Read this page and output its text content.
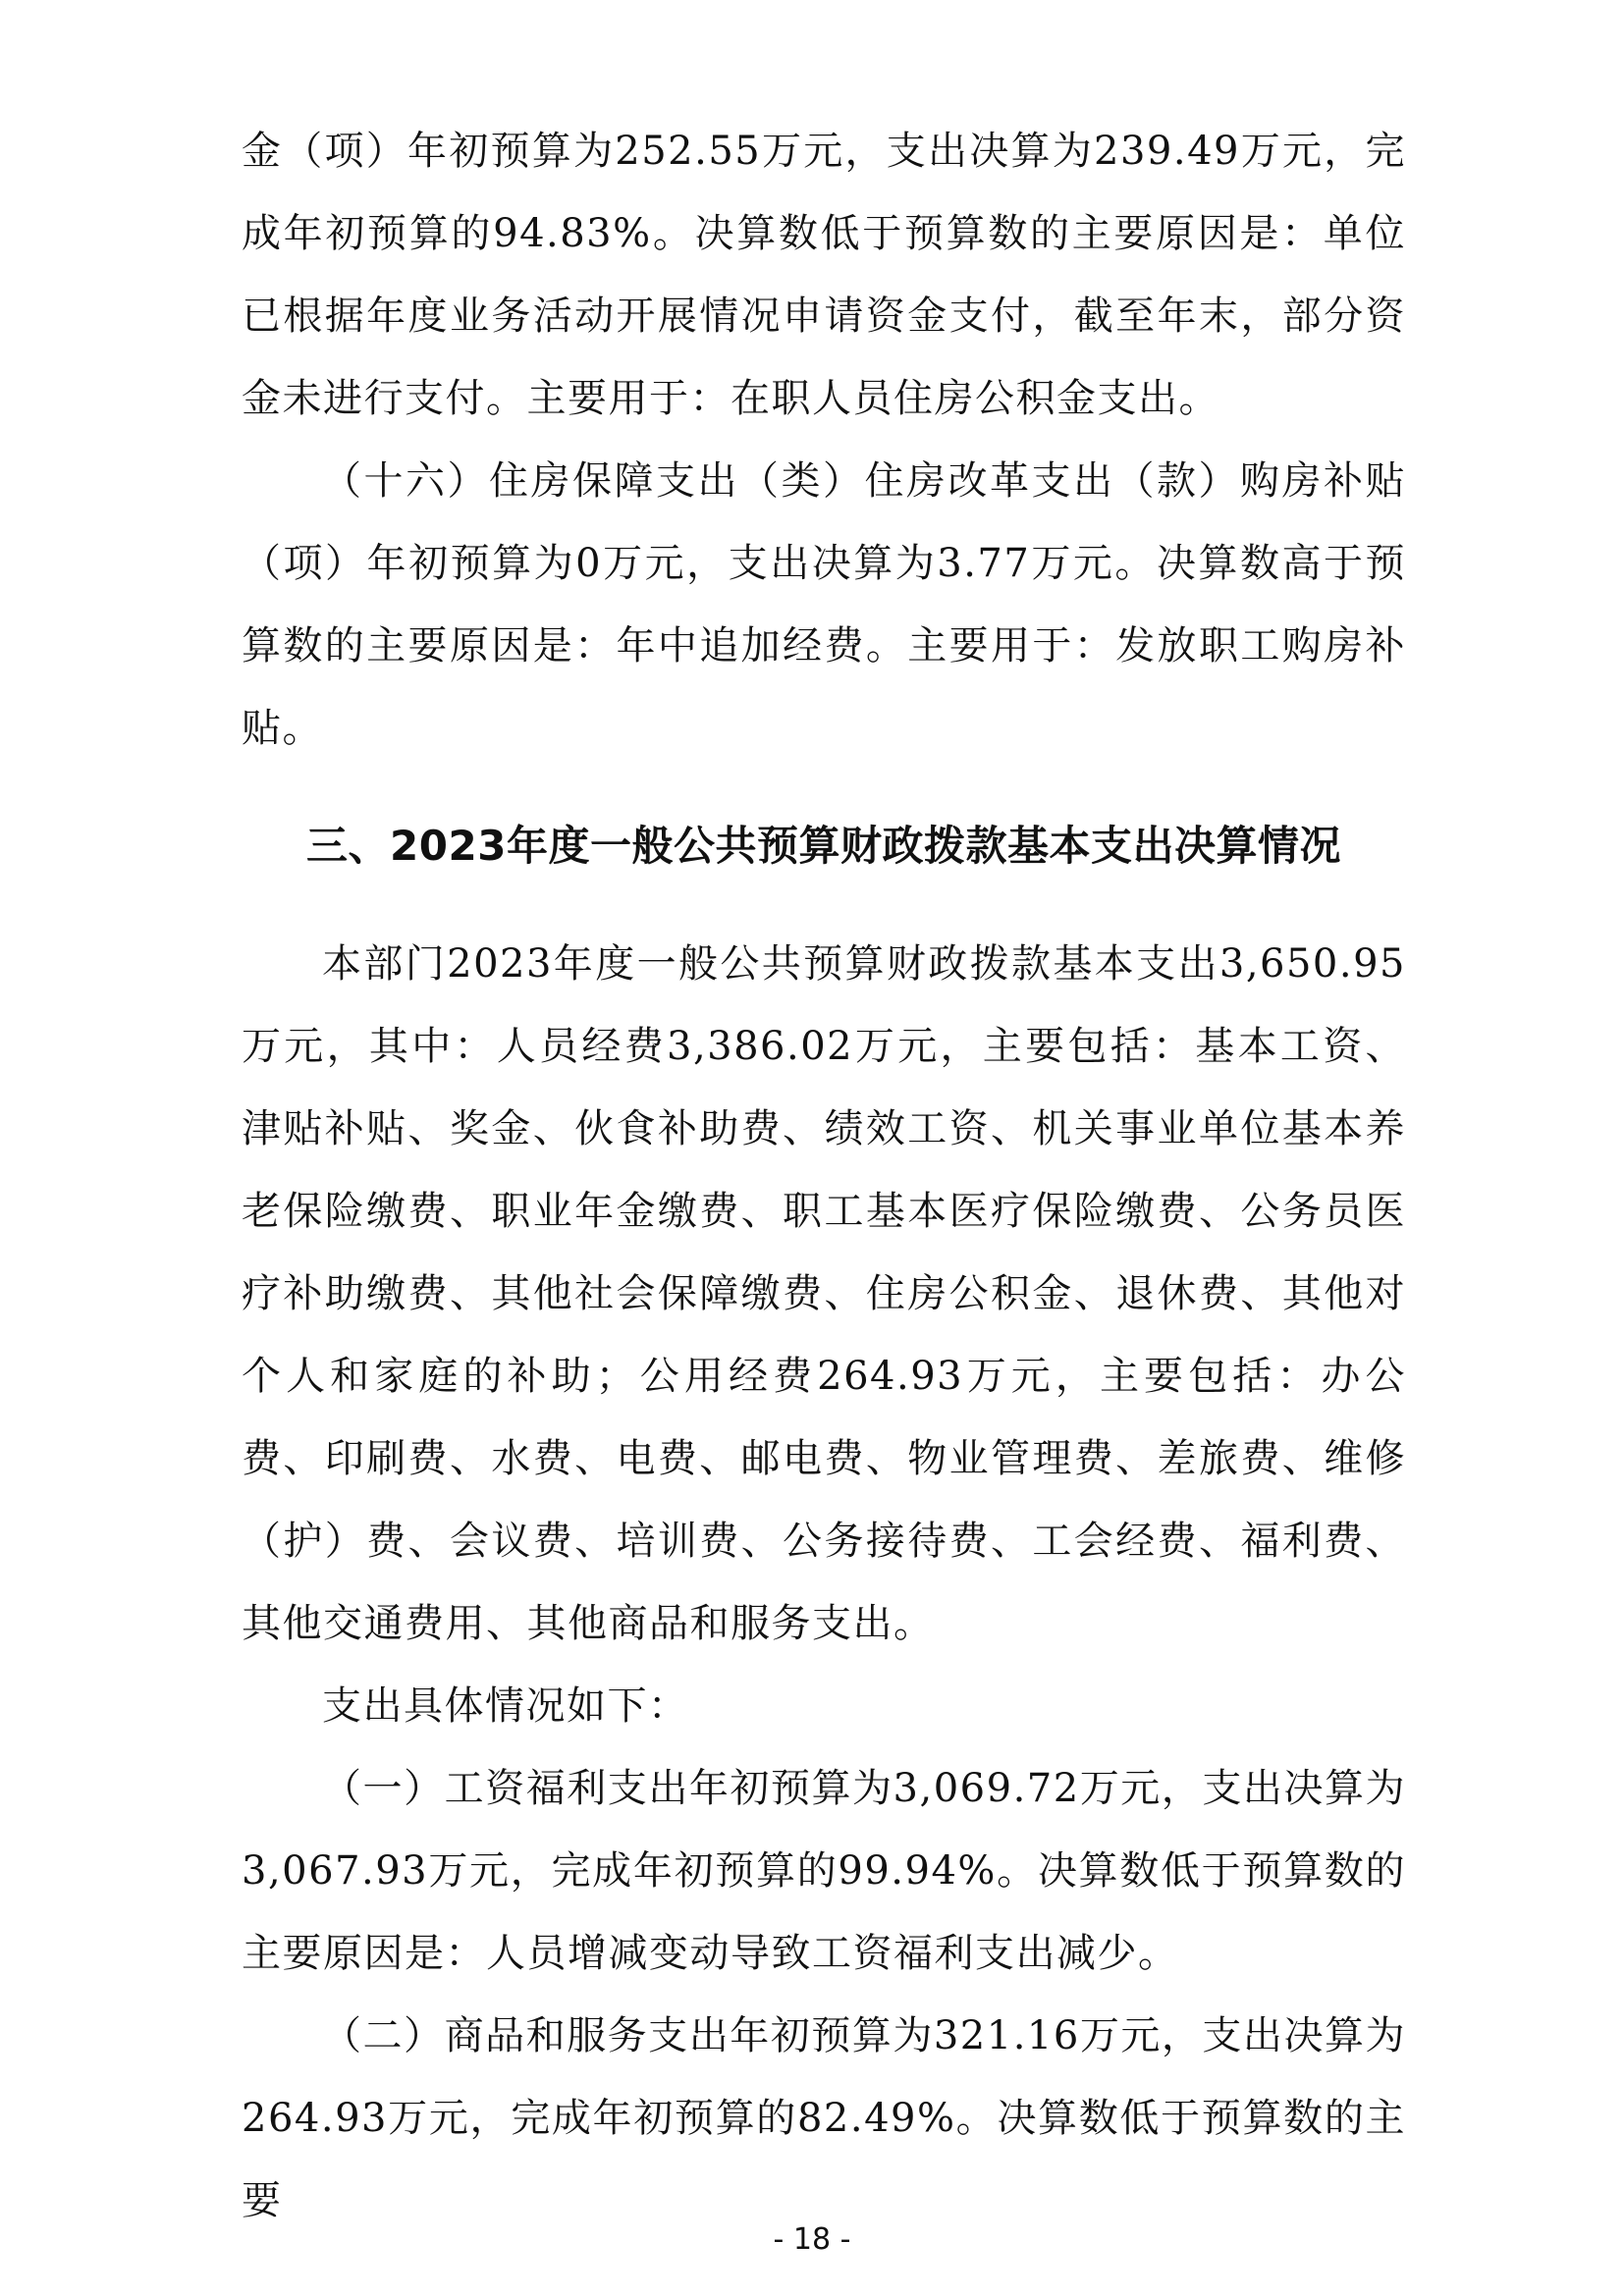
金（项）年初预算为252.55万元，支出决算为239.49万元，完成年初预算的94.83%。决算数低于预算数的主要原因是：单位已根据年度业务活动开展情况申请资金支付，截至年末，部分资金未进行支付。主要用于：在职人员住房公积金支出。

（十六）住房保障支出（类）住房改革支出（款）购房补贴（项）年初预算为0万元，支出决算为3.77万元。决算数高于预算数的主要原因是：年中追加经费。主要用于：发放职工购房补贴。

三、2023年度一般公共预算财政拨款基本支出决算情况

本部门2023年度一般公共预算财政拨款基本支出3,650.95万元，其中：人员经费3,386.02万元，主要包括：基本工资、津贴补贴、奖金、伙食补助费、绩效工资、机关事业单位基本养老保险缴费、职业年金缴费、职工基本医疗保险缴费、公务员医疗补助缴费、其他社会保障缴费、住房公积金、退休费、其他对个人和家庭的补助；公用经费264.93万元，主要包括：办公费、印刷费、水费、电费、邮电费、物业管理费、差旅费、维修（护）费、会议费、培训费、公务接待费、工会经费、福利费、其他交通费用、其他商品和服务支出。

支出具体情况如下：

（一）工资福利支出年初预算为3,069.72万元，支出决算为3,067.93万元，完成年初预算的99.94%。决算数低于预算数的主要原因是：人员增减变动导致工资福利支出减少。

（二）商品和服务支出年初预算为321.16万元，支出决算为264.93万元，完成年初预算的82.49%。决算数低于预算数的主要

- 18 -
